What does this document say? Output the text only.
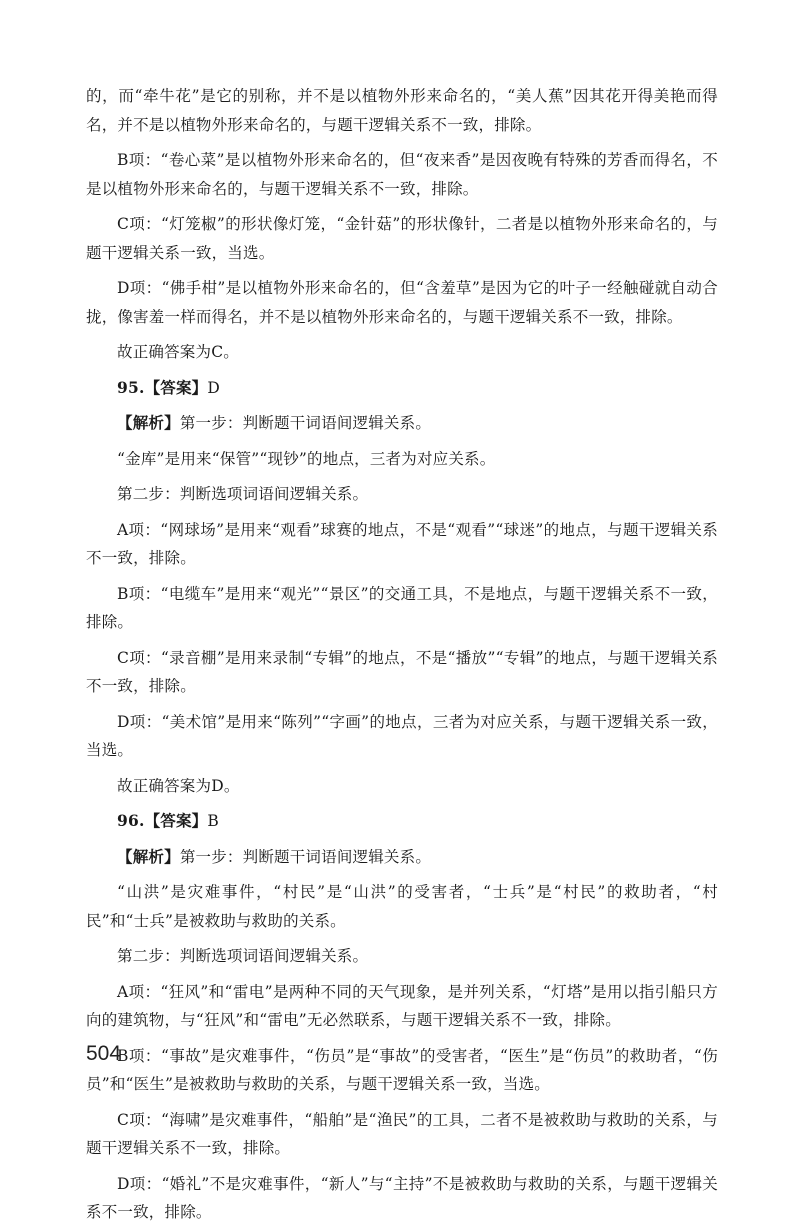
的，而“牵牛花”是它的别称，并不是以植物外形来命名的，“美人蕉”因其花开得美艳而得名，并不是以植物外形来命名的，与题干逻辑关系不一致，排除。

B项：“卷心菜”是以植物外形来命名的，但“夜来香”是因夜晚有特殊的芳香而得名，不是以植物外形来命名的，与题干逻辑关系不一致，排除。

C项：“灯笼椒”的形状像灯笼，“金针菇”的形状像针，二者是以植物外形来命名的，与题干逻辑关系一致，当选。

D项：“佛手柑”是以植物外形来命名的，但“含羞草”是因为它的叶子一经触碰就自动合拢，像害羞一样而得名，并不是以植物外形来命名的，与题干逻辑关系不一致，排除。

故正确答案为C。

95.【答案】D

【解析】第一步：判断题干词语间逻辑关系。

“金库”是用来“保管”“现钞”的地点，三者为对应关系。

第二步：判断选项词语间逻辑关系。

A项：“网球场”是用来“观看”球赛的地点，不是“观看”“球迷”的地点，与题干逻辑关系不一致，排除。

B项：“电缆车”是用来“观光”“景区”的交通工具，不是地点，与题干逻辑关系不一致，排除。

C项：“录音棚”是用来录制“专辑”的地点，不是“播放”“专辑”的地点，与题干逻辑关系不一致，排除。

D项：“美术馆”是用来“陈列”“字画”的地点，三者为对应关系，与题干逻辑关系一致，当选。

故正确答案为D。

96.【答案】B

【解析】第一步：判断题干词语间逻辑关系。

“山洪”是灾难事件，“村民”是“山洪”的受害者，“士兵”是“村民”的救助者，“村民”和“士兵”是被救助与救助的关系。

第二步：判断选项词语间逻辑关系。

A项：“狂风”和“雷电”是两种不同的天气现象，是并列关系，“灯塔”是用以指引船只方向的建筑物，与“狂风”和“雷电”无必然联系，与题干逻辑关系不一致，排除。

B项：“事故”是灾难事件，“伤员”是“事故”的受害者，“医生”是“伤员”的救助者，“伤员”和“医生”是被救助与救助的关系，与题干逻辑关系一致，当选。

C项：“海啸”是灾难事件，“船舶”是“渔民”的工具，二者不是被救助与救助的关系，与题干逻辑关系不一致，排除。

D项：“婚礼”不是灾难事件，“新人”与“主持”不是被救助与救助的关系，与题干逻辑关系不一致，排除。

504
